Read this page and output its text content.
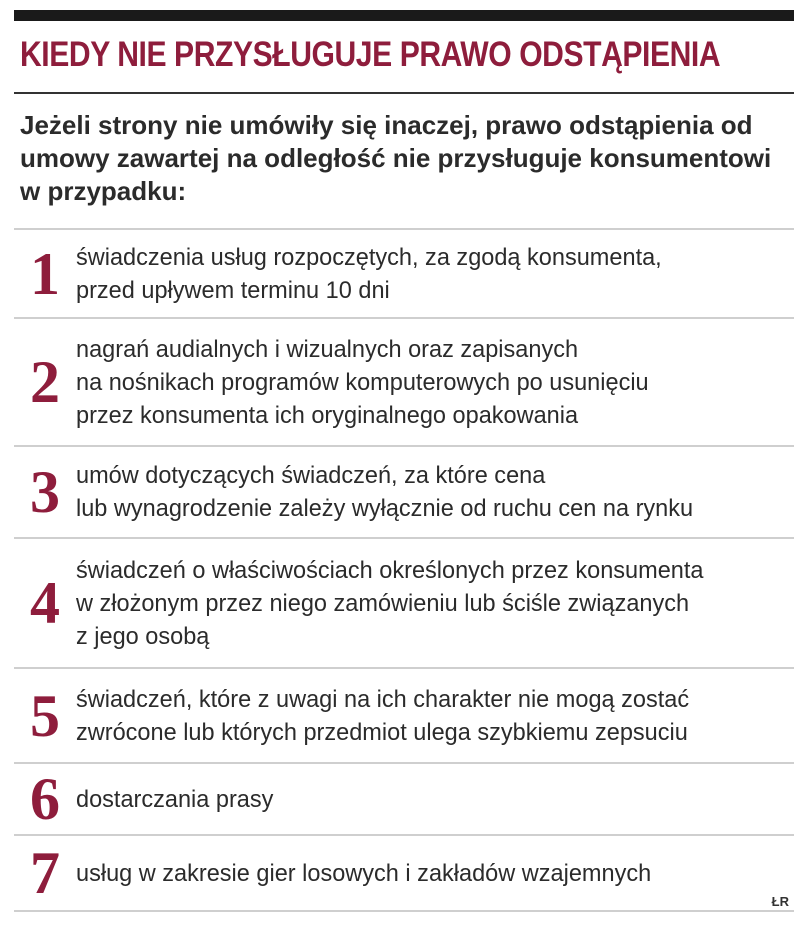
KIEDY NIE PRZYSŁUGUJE PRAWO ODSTĄPIENIA

Jeżeli strony nie umówiły się inaczej, prawo odstąpienia od umowy zawartej na odległość nie przysługuje konsumentowi w przypadku:

1 świadczenia usług rozpoczętych, za zgodą konsumenta,
przed upływem terminu 10 dni
2 nagrań audialnych i wizualnych oraz zapisanych
na nośnikach programów komputerowych po usunięciu
przez konsumenta ich oryginalnego opakowania
3 umów dotyczących świadczeń, za które cena
lub wynagrodzenie zależy wyłącznie od ruchu cen na rynku
4 świadczeń o właściwościach określonych przez konsumenta
w złożonym przez niego zamówieniu lub ściśle związanych
z jego osobą
5 świadczeń, które z uwagi na ich charakter nie mogą zostać
zwrócone lub których przedmiot ulega szybkiemu zepsuciu
6 dostarczania prasy
7 usług w zakresie gier losowych i zakładów wzajemnych
ŁR
